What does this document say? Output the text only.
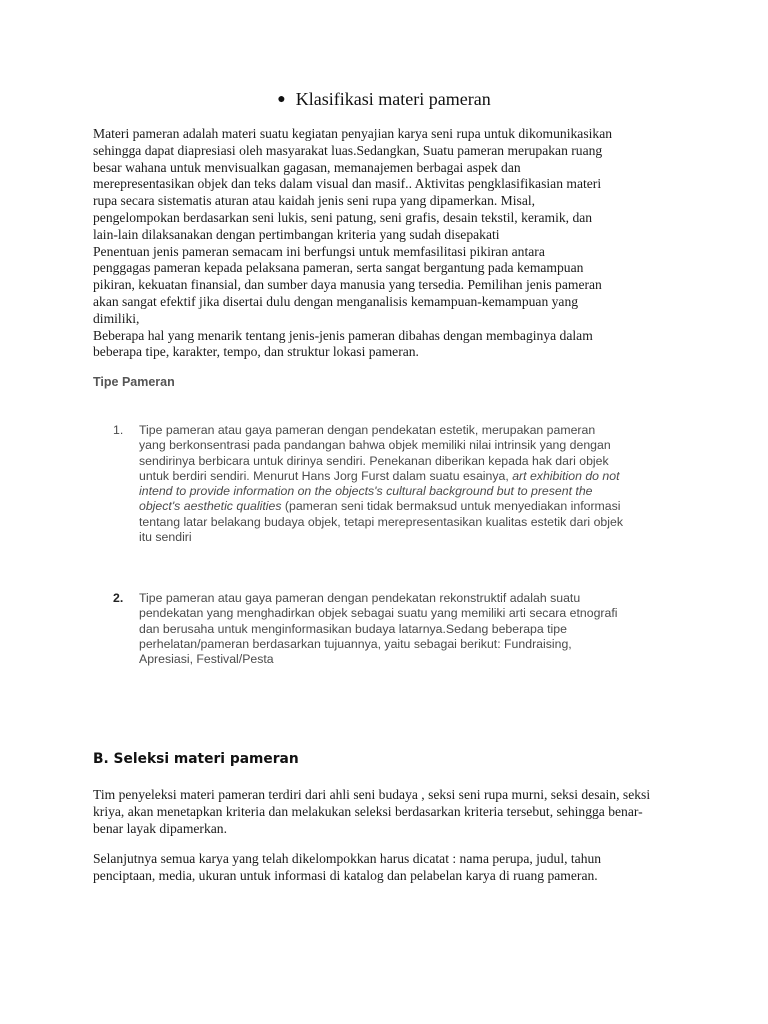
● Klasifikasi materi pameran

Materi pameran adalah materi suatu kegiatan penyajian karya seni rupa untuk dikomunikasikan

sehingga dapat diapresiasi oleh masyarakat luas.Sedangkan, Suatu pameran merupakan ruang

besar wahana untuk menvisualkan gagasan, memanajemen berbagai aspek dan

merepresentasikan objek dan teks dalam visual dan masif.. Aktivitas pengklasifikasian materi

rupa secara sistematis aturan atau kaidah jenis seni rupa yang dipamerkan. Misal,

pengelompokan berdasarkan seni lukis, seni patung, seni grafis, desain tekstil, keramik, dan

lain-lain dilaksanakan dengan pertimbangan kriteria yang sudah disepakati

Penentuan jenis pameran semacam ini berfungsi untuk memfasilitasi pikiran antara

penggagas pameran kepada pelaksana pameran, serta sangat bergantung pada kemampuan

pikiran, kekuatan finansial, dan sumber daya manusia yang tersedia. Pemilihan jenis pameran

akan sangat efektif jika disertai dulu dengan menganalisis kemampuan-kemampuan yang

dimiliki,

Beberapa hal yang menarik tentang jenis-jenis pameran dibahas dengan membaginya dalam

beberapa tipe, karakter, tempo, dan struktur lokasi pameran.

Tipe Pameran
1.	Tipe pameran atau gaya pameran dengan pendekatan estetik, merupakan pameran
yang berkonsentrasi pada pandangan bahwa objek memiliki nilai intrinsik yang dengan
sendirinya berbicara untuk dirinya sendiri. Penekanan diberikan kepada hak dari objek
untuk berdiri sendiri. Menurut Hans Jorg Furst dalam suatu esainya, art exhibition do not
intend to provide information on the objects's cultural background but to present the
object's aesthetic qualities (pameran seni tidak bermaksud untuk menyediakan informasi
tentang latar belakang budaya objek, tetapi merepresentasikan kualitas estetik dari objek
itu sendiri
2.	Tipe pameran atau gaya pameran dengan pendekatan rekonstruktif adalah suatu
pendekatan yang menghadirkan objek sebagai suatu yang memiliki arti secara etnografi
dan berusaha untuk menginformasikan budaya latarnya.Sedang beberapa tipe
perhelatan/pameran berdasarkan tujuannya, yaitu sebagai berikut: Fundraising,
Apresiasi, Festival/Pesta
B. Seleksi materi pameran

Tim penyeleksi materi pameran terdiri dari ahli seni budaya , seksi seni rupa murni, seksi desain, seksi

kriya, akan menetapkan kriteria dan melakukan seleksi berdasarkan kriteria tersebut, sehingga benar-

benar layak dipamerkan.

Selanjutnya semua karya yang telah dikelompokkan harus dicatat : nama perupa, judul, tahun

penciptaan, media, ukuran untuk informasi di katalog dan pelabelan karya di ruang pameran.
